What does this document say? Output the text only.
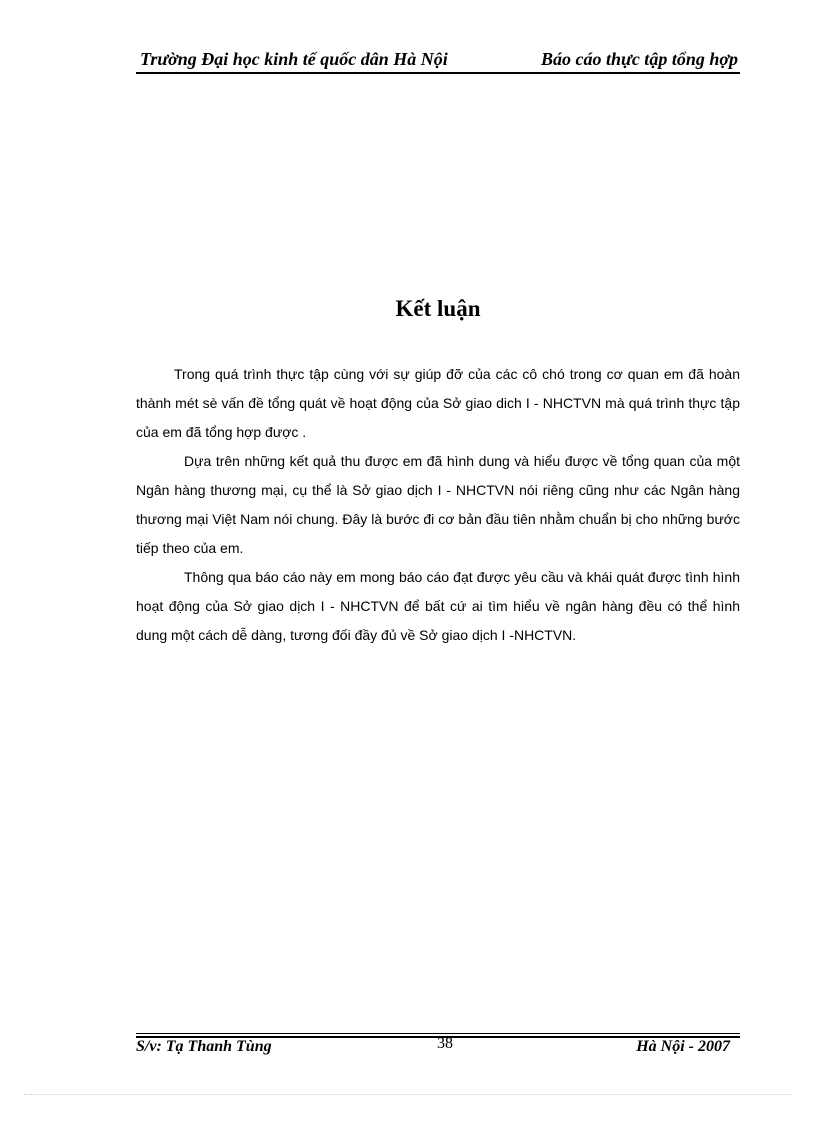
Trường Đại học kinh tế quốc dân Hà Nội	Báo cáo thực tập tổng hợp
Kết luận

Trong quá trình thực tập cùng với sự giúp đỡ của các cô chó trong cơ quan em đã hoàn thành mét sè vấn đề tổng quát về hoạt động của Sở giao dich I - NHCTVN mà quá trình thực tập của em đã tổng hợp được .

Dựa trên những kết quả thu được em đã hình dung và hiểu được về tổng quan của một Ngân hàng thương mại, cụ thể là Sở giao dịch I - NHCTVN nói riêng cũng như các Ngân hàng thương mại Việt Nam nói chung. Đây là bước đi cơ bản đầu tiên nhằm chuẩn bị cho những bước tiếp theo của em.

Thông qua báo cáo này em mong báo cáo đạt được yêu cầu và khái quát được tình hình hoạt động của Sở giao dịch I - NHCTVN để bất cứ ai tìm hiểu về ngân hàng đều có thể hình dung một cách dễ dàng, tương đối đầy đủ về Sở giao dịch I -NHCTVN.

S/v: Tạ Thanh Tùng	38	Hà Nội - 2007
